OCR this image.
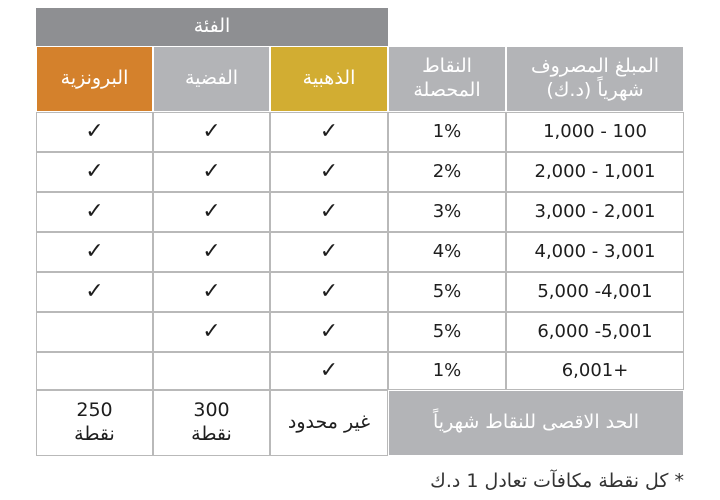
الفئة
المبلغ المصروف
شهرياً (د.ك)
النقاط
المحصلة
الذهبية
الفضية
البرونزية
1,000 - 100
1%
✓
✓
✓
2,000 - 1,001
2%
✓
✓
✓
3,000 - 2,001
3%
✓
✓
✓
4,000 - 3,001
4%
✓
✓
✓
5,000 -4,001
5%
✓
✓
✓
6,000 -5,001
5%
✓
✓
6,001+
1%
✓
الحد الاقصى للنقاط شهرياً
غير محدود
300
نقطة
250
نقطة
* كل نقطة مكافآت تعادل 1 د.ك
